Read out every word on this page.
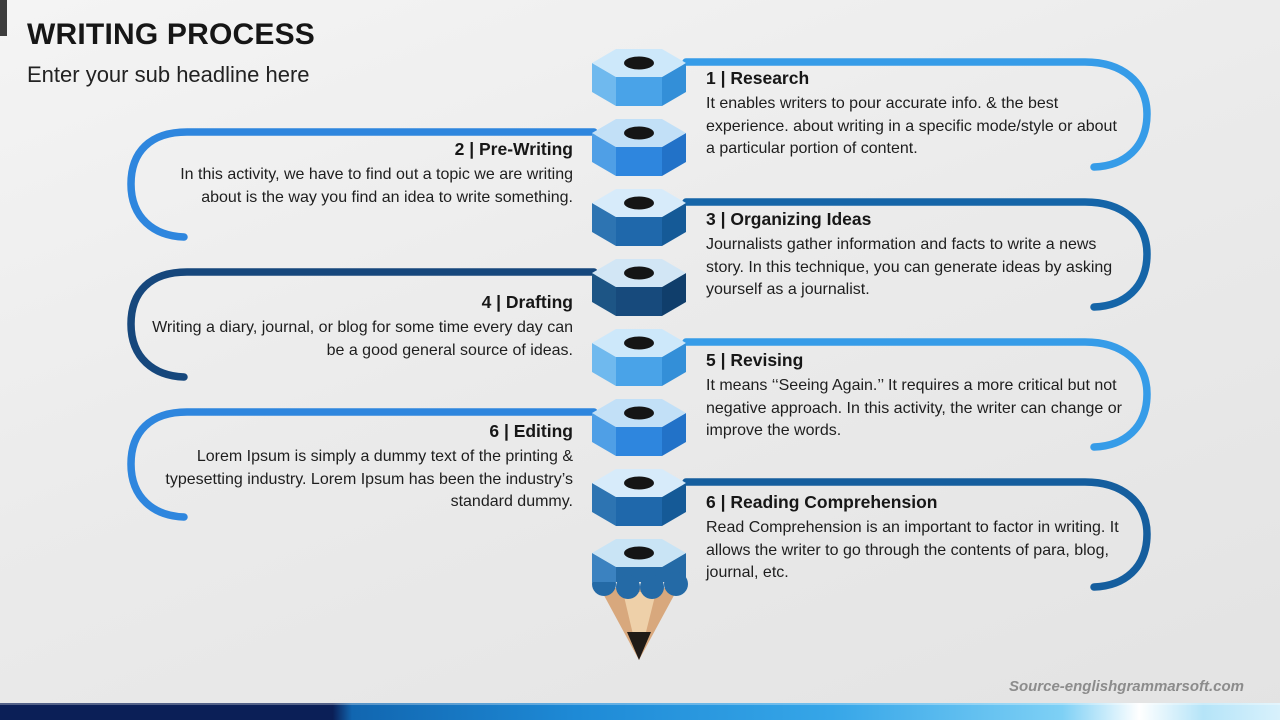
WRITING PROCESS
Enter your sub headline here	1 | Research
It enables writers to pour accurate info. & the best experience. about writing in a specific mode/style or about a particular portion of content.
2 | Pre-Writing
In this activity, we have to find out a topic we are writing about is the way you find an idea to write something.
3 | Organizing Ideas
Journalists gather information and facts to write a news story. In this technique, you can generate ideas by asking yourself as a journalist.
4 | Drafting
Writing a diary, journal, or blog for some time every day can be a good general source of ideas.	5 | Revising
It means ‘‘Seeing Again.’’ It requires a more critical but not negative approach. In this activity, the writer can change or improve the words.
6 | Editing
Lorem Ipsum is simply a dummy text of the printing & typesetting industry. Lorem Ipsum has been the industry’s standard dummy.	6 | Reading Comprehension
Read Comprehension is an important to factor in writing. It allows the writer to go through the contents of para, blog, journal, etc.
Source-englishgrammarsoft.com
